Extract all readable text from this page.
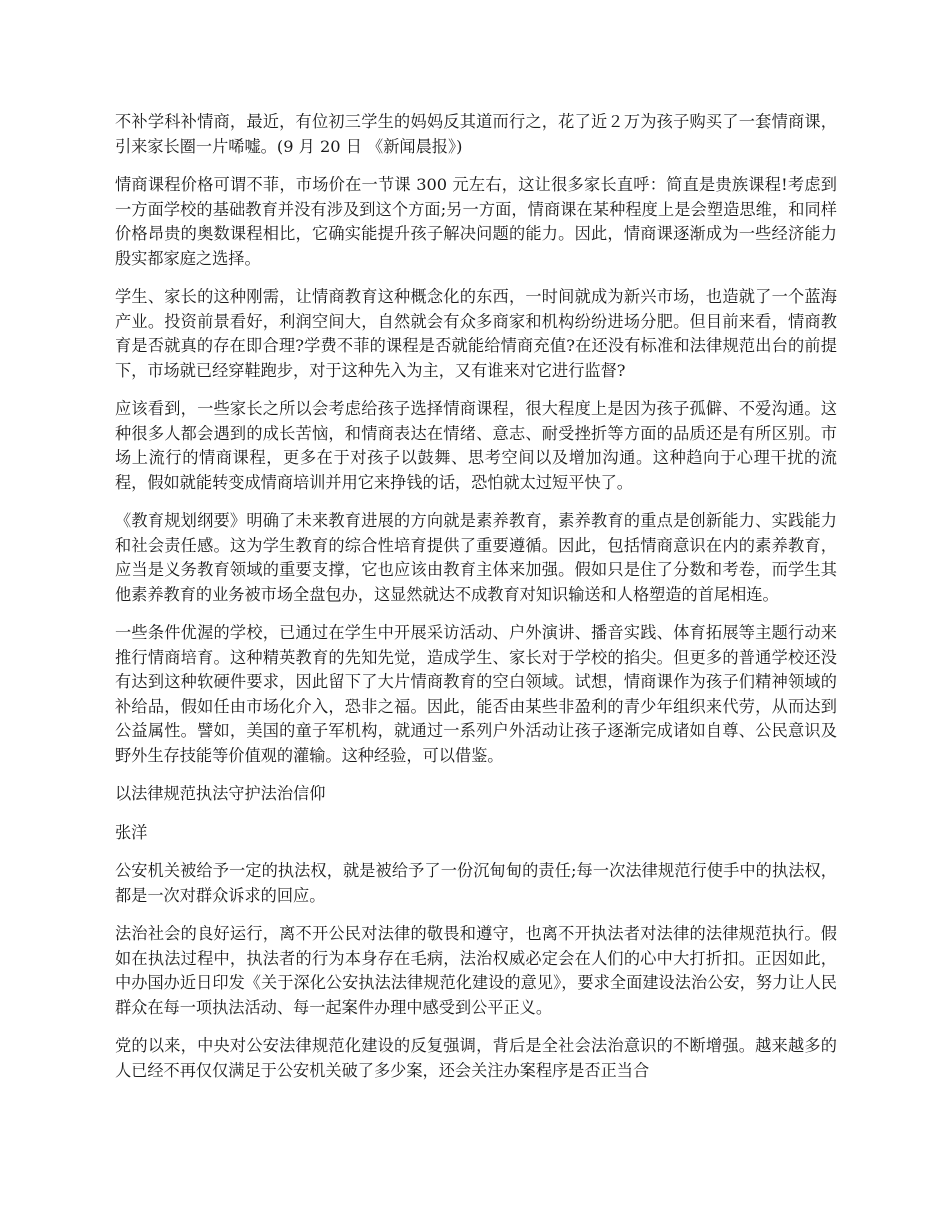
不补学科补情商，最近，有位初三学生的妈妈反其道而行之，花了近２万为孩子购买了一套情商课，引来家长圈一片唏嘘。(9 月 20 日 《新闻晨报》)

情商课程价格可谓不菲，市场价在一节课 300 元左右，这让很多家长直呼：简直是贵族课程!考虑到一方面学校的基础教育并没有涉及到这个方面;另一方面，情商课在某种程度上是会塑造思维，和同样价格昂贵的奥数课程相比，它确实能提升孩子解决问题的能力。因此，情商课逐渐成为一些经济能力殷实都家庭之选择。

学生、家长的这种刚需，让情商教育这种概念化的东西，一时间就成为新兴市场，也造就了一个蓝海产业。投资前景看好，利润空间大，自然就会有众多商家和机构纷纷进场分肥。但目前来看，情商教育是否就真的存在即合理?学费不菲的课程是否就能给情商充值?在还没有标准和法律规范出台的前提下，市场就已经穿鞋跑步，对于这种先入为主，又有谁来对它进行监督?

应该看到，一些家长之所以会考虑给孩子选择情商课程，很大程度上是因为孩子孤僻、不爱沟通。这种很多人都会遇到的成长苦恼，和情商表达在情绪、意志、耐受挫折等方面的品质还是有所区别。市场上流行的情商课程，更多在于对孩子以鼓舞、思考空间以及增加沟通。这种趋向于心理干扰的流程，假如就能转变成情商培训并用它来挣钱的话，恐怕就太过短平快了。

《教育规划纲要》明确了未来教育进展的方向就是素养教育，素养教育的重点是创新能力、实践能力和社会责任感。这为学生教育的综合性培育提供了重要遵循。因此，包括情商意识在内的素养教育，应当是义务教育领域的重要支撑，它也应该由教育主体来加强。假如只是住了分数和考卷，而学生其他素养教育的业务被市场全盘包办，这显然就达不成教育对知识输送和人格塑造的首尾相连。

一些条件优渥的学校，已通过在学生中开展采访活动、户外演讲、播音实践、体育拓展等主题行动来推行情商培育。这种精英教育的先知先觉，造成学生、家长对于学校的掐尖。但更多的普通学校还没有达到这种软硬件要求，因此留下了大片情商教育的空白领域。试想，情商课作为孩子们精神领域的补给品，假如任由市场化介入，恐非之福。因此，能否由某些非盈利的青少年组织来代劳，从而达到公益属性。譬如，美国的童子军机构，就通过一系列户外活动让孩子逐渐完成诸如自尊、公民意识及野外生存技能等价值观的灌输。这种经验，可以借鉴。

以法律规范执法守护法治信仰

张洋

公安机关被给予一定的执法权，就是被给予了一份沉甸甸的责任;每一次法律规范行使手中的执法权，都是一次对群众诉求的回应。

法治社会的良好运行，离不开公民对法律的敬畏和遵守，也离不开执法者对法律的法律规范执行。假如在执法过程中，执法者的行为本身存在毛病，法治权威必定会在人们的心中大打折扣。正因如此，中办国办近日印发《关于深化公安执法法律规范化建设的意见》，要求全面建设法治公安，努力让人民群众在每一项执法活动、每一起案件办理中感受到公平正义。

党的以来，中央对公安法律规范化建设的反复强调，背后是全社会法治意识的不断增强。越来越多的人已经不再仅仅满足于公安机关破了多少案，还会关注办案程序是否正当合
